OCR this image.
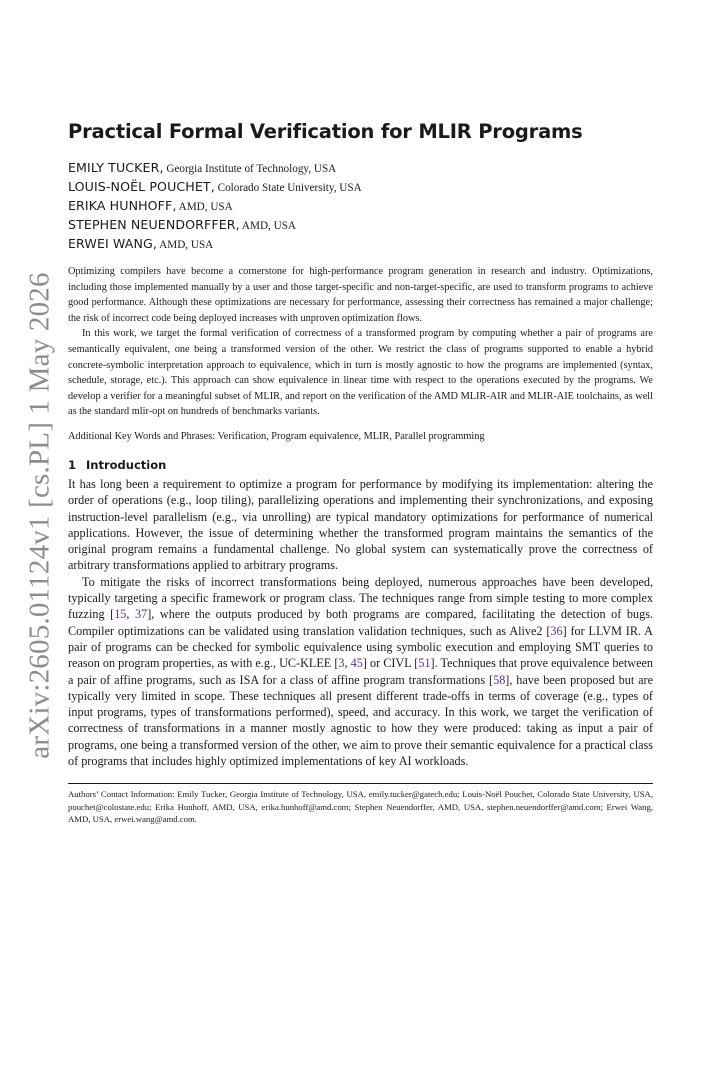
arXiv:2605.01124v1 [cs.PL] 1 May 2026
Practical Formal Verification for MLIR Programs
EMILY TUCKER, Georgia Institute of Technology, USA
LOUIS-NOËL POUCHET, Colorado State University, USA
ERIKA HUNHOFF, AMD, USA
STEPHEN NEUENDORFFER, AMD, USA
ERWEI WANG, AMD, USA

Optimizing compilers have become a cornerstone for high-performance program generation in research and industry. Optimizations, including those implemented manually by a user and those target-specific and non-target-specific, are used to transform programs to achieve good performance. Although these optimizations are necessary for performance, assessing their correctness has remained a major challenge; the risk of incorrect code being deployed increases with unproven optimization flows.

In this work, we target the formal verification of correctness of a transformed program by computing whether a pair of programs are semantically equivalent, one being a transformed version of the other. We restrict the class of programs supported to enable a hybrid concrete-symbolic interpretation approach to equivalence, which in turn is mostly agnostic to how the programs are implemented (syntax, schedule, storage, etc.). This approach can show equivalence in linear time with respect to the operations executed by the programs. We develop a verifier for a meaningful subset of MLIR, and report on the verification of the AMD MLIR-AIR and MLIR-AIE toolchains, as well as the standard mlir-opt on hundreds of benchmarks variants.

Additional Key Words and Phrases: Verification, Program equivalence, MLIR, Parallel programming
1 Introduction

It has long been a requirement to optimize a program for performance by modifying its implementation: altering the order of operations (e.g., loop tiling), parallelizing operations and implementing their synchronizations, and exposing instruction-level parallelism (e.g., via unrolling) are typical mandatory optimizations for performance of numerical applications. However, the issue of determining whether the transformed program maintains the semantics of the original program remains a fundamental challenge. No global system can systematically prove the correctness of arbitrary transformations applied to arbitrary programs.

To mitigate the risks of incorrect transformations being deployed, numerous approaches have been developed, typically targeting a specific framework or program class. The techniques range from simple testing to more complex fuzzing [15, 37], where the outputs produced by both programs are compared, facilitating the detection of bugs. Compiler optimizations can be validated using translation validation techniques, such as Alive2 [36] for LLVM IR. A pair of programs can be checked for symbolic equivalence using symbolic execution and employing SMT queries to reason on program properties, as with e.g., UC-KLEE [3, 45] or CIVL [51]. Techniques that prove equivalence between a pair of affine programs, such as ISA for a class of affine program transformations [58], have been proposed but are typically very limited in scope. These techniques all present different trade-offs in terms of coverage (e.g., types of input programs, types of transformations performed), speed, and accuracy. In this work, we target the verification of correctness of transformations in a manner mostly agnostic to how they were produced: taking as input a pair of programs, one being a transformed version of the other, we aim to prove their semantic equivalence for a practical class of programs that includes highly optimized implementations of key AI workloads.

Authors’ Contact Information: Emily Tucker, Georgia Institute of Technology, USA, emily.tucker@gatech.edu; Louis-Noël Pouchet, Colorado State University, USA, pouchet@colostate.edu; Erika Hunhoff, AMD, USA, erika.hunhoff@amd.com; Stephen Neuendorffer, AMD, USA, stephen.neuendorffer@amd.com; Erwei Wang, AMD, USA, erwei.wang@amd.com.
